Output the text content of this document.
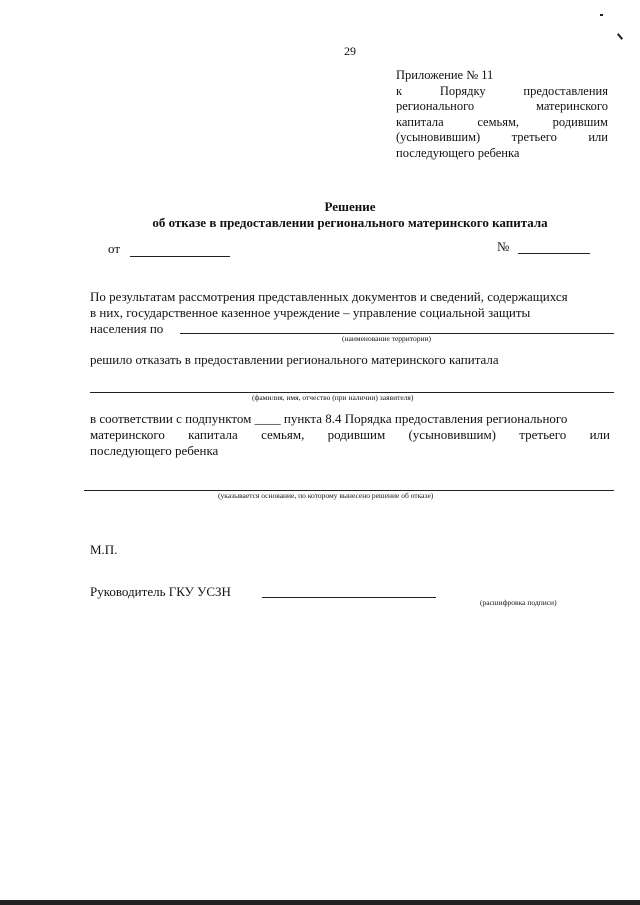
29
Приложение № 11
к	Порядку	предоставления
регионального	материнского
капитала	семьям,	родившим
(усыновившим)	третьего	или
последующего ребенка
Решение
об отказе в предоставлении регионального материнского капитала
от	№
По результатам рассмотрения представленных документов и сведений, содержащихся
в них, государственное казенное учреждение – управление социальной защиты
населения по
(наименование территории)
решило отказать в предоставлении регионального материнского капитала
(фамилия, имя, отчество (при наличии) заявителя)
в соответствии с подпунктом ____ пункта 8.4 Порядка предоставления регионального
материнского капитала семьям, родившим (усыновившим) третьего или
последующего ребенка
(указывается основание, по которому вынесено решение об отказе)
М.П.
Руководитель ГКУ УСЗН
(расшифровка подписи)
